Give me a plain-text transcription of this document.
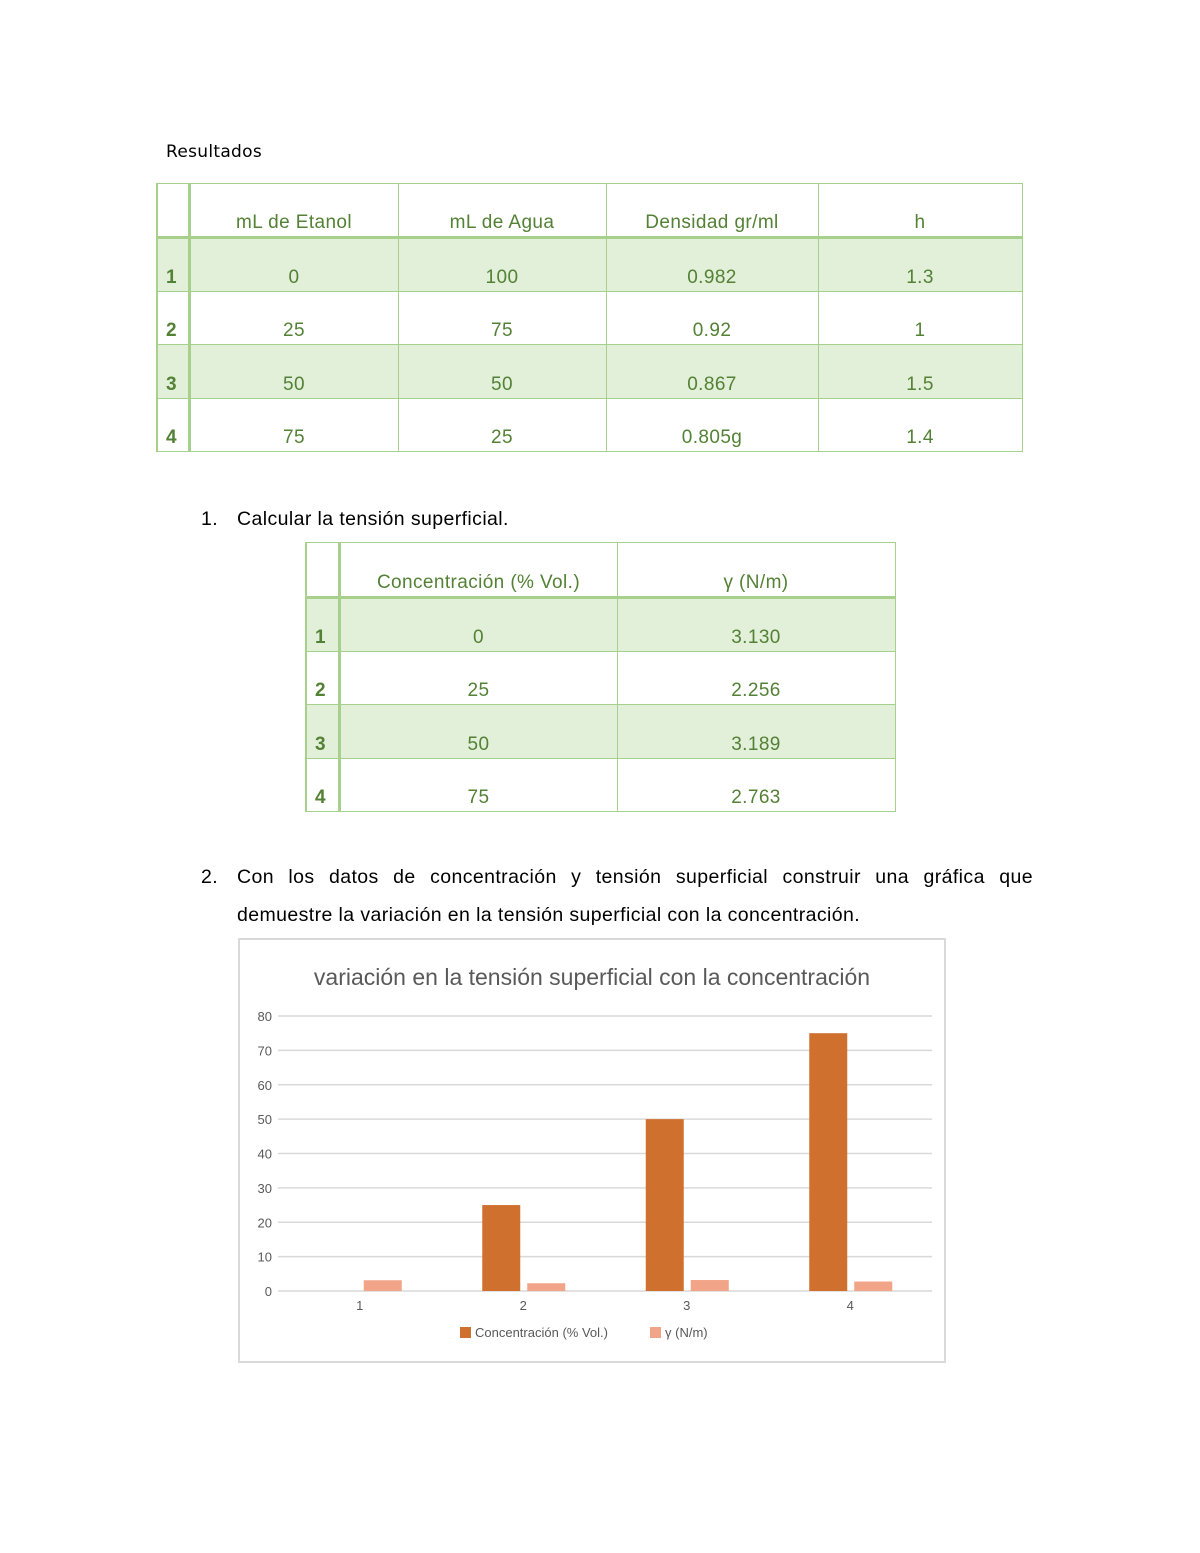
Resultados
	mL de Etanol	mL de Agua	Densidad gr/ml	h
1	0	100	0.982	1.3
2	25	75	0.92	1
3	50	50	0.867	1.5
4	75	25	0.805g	1.4
1. Calcular la tensión superficial.
	Concentración (% Vol.)	γ (N/m)
1	0	3.130
2	25	2.256
3	50	3.189
4	75	2.763
2. Con los datos de concentración y tensión superficial construir una gráfica que demuestre la variación en la tensión superficial con la concentración.
variación en la tensión superficial con la concentración
0
10
20
30
40
50
60
70
80
1	2	3	4
Concentración (% Vol.)	γ (N/m)
